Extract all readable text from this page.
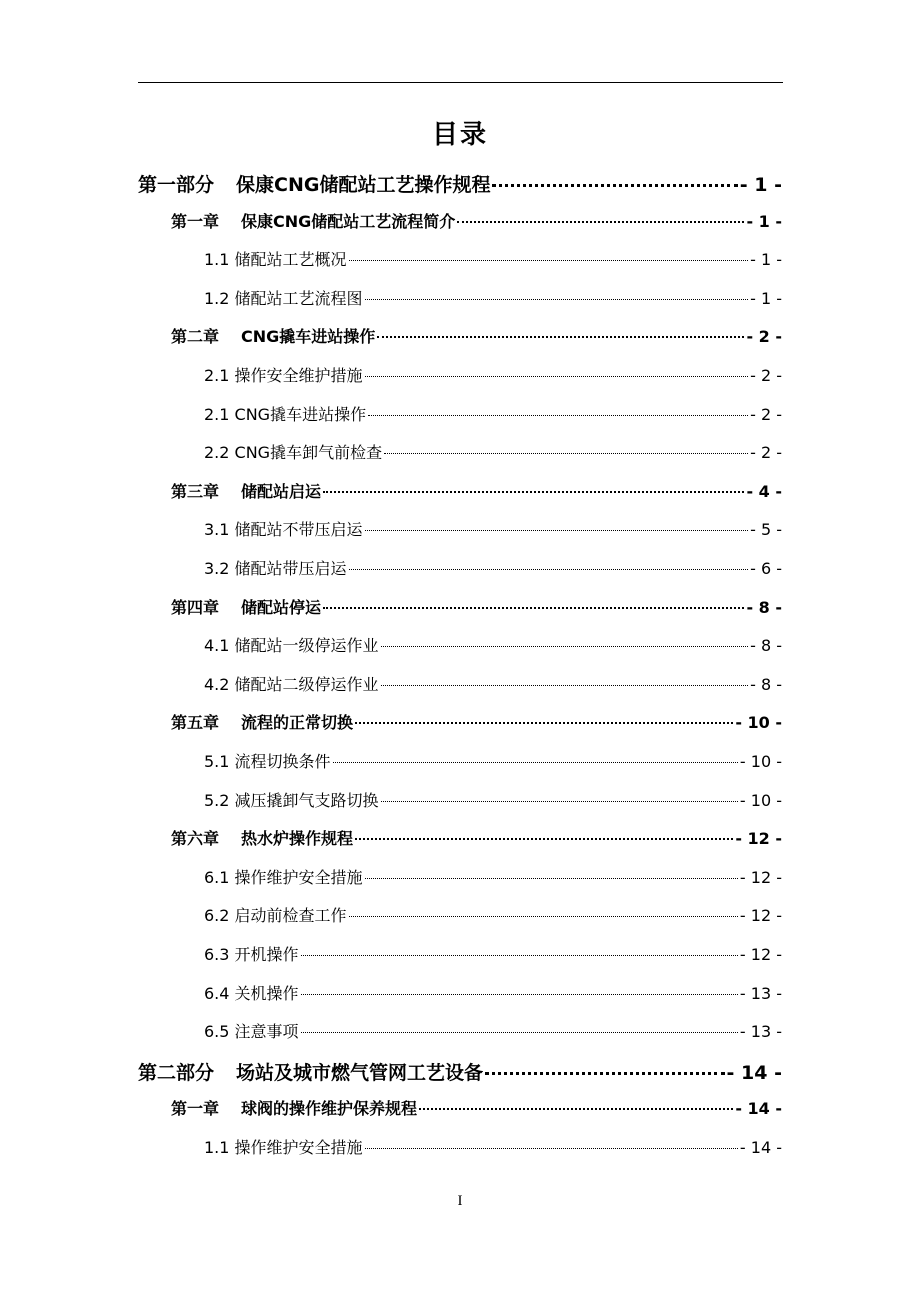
目录
第一部分 保康CNG储配站工艺操作规程	- 1 -
第一章 保康CNG储配站工艺流程简介	- 1 -
1.1 储配站工艺概况	- 1 -
1.2 储配站工艺流程图	- 1 -
第二章 CNG撬车进站操作	- 2 -
2.1 操作安全维护措施	- 2 -
2.1 CNG撬车进站操作	- 2 -
2.2 CNG撬车卸气前检查	- 2 -
第三章 储配站启运	- 4 -
3.1 储配站不带压启运	- 5 -
3.2 储配站带压启运	- 6 -
第四章 储配站停运	- 8 -
4.1 储配站一级停运作业	- 8 -
4.2 储配站二级停运作业	- 8 -
第五章 流程的正常切换	- 10 -
5.1 流程切换条件	- 10 -
5.2 减压撬卸气支路切换	- 10 -
第六章 热水炉操作规程	- 12 -
6.1 操作维护安全措施	- 12 -
6.2 启动前检查工作	- 12 -
6.3 开机操作	- 12 -
6.4 关机操作	- 13 -
6.5 注意事项	- 13 -
第二部分 场站及城市燃气管网工艺设备	- 14 -
第一章 球阀的操作维护保养规程	- 14 -
1.1 操作维护安全措施	- 14 -
I
